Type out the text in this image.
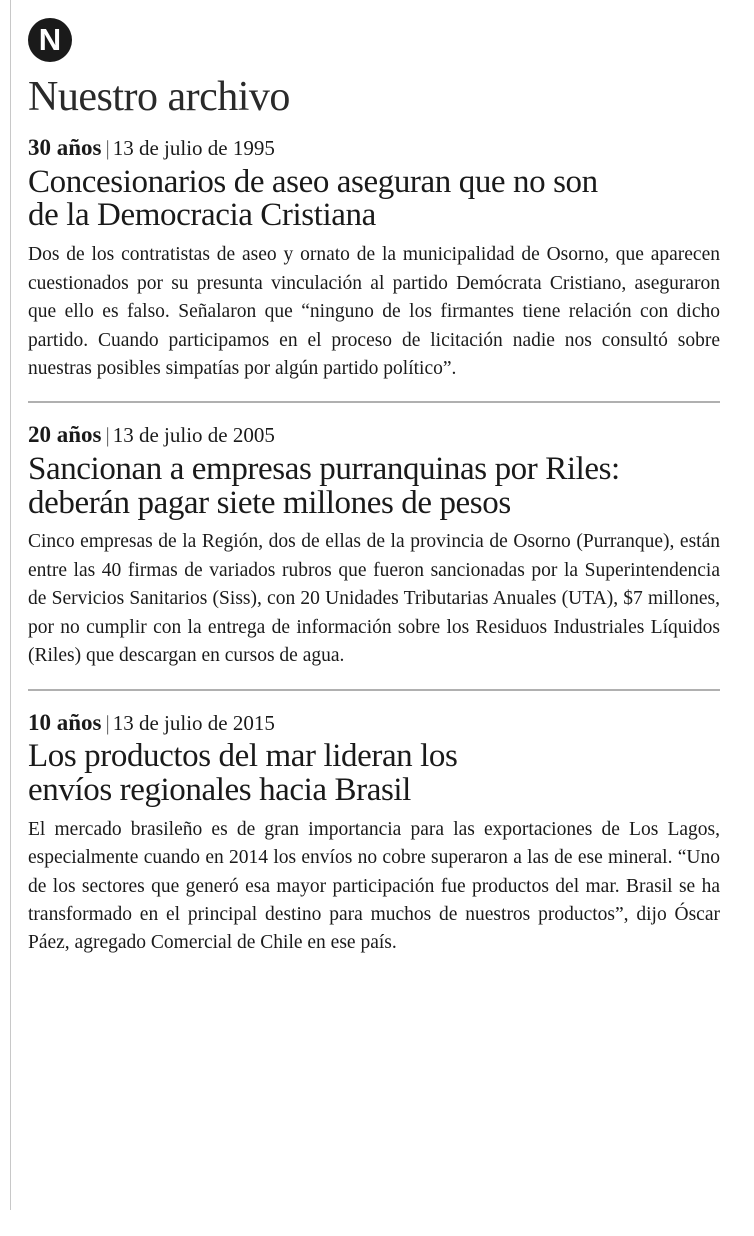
N
Nuestro archivo
30 años | 13 de julio de 1995
Concesionarios de aseo aseguran que no son de la Democracia Cristiana

Dos de los contratistas de aseo y ornato de la municipalidad de Osorno, que aparecen cuestionados por su presunta vinculación al partido Demócrata Cristiano, aseguraron que ello es falso. Señalaron que “ninguno de los firmantes tiene relación con dicho partido. Cuando participamos en el proceso de licitación nadie nos consultó sobre nuestras posibles simpatías por algún partido político”.

20 años | 13 de julio de 2005
Sancionan a empresas purranquinas por Riles: deberán pagar siete millones de pesos

Cinco empresas de la Región, dos de ellas de la provincia de Osorno (Purranque), están entre las 40 firmas de variados rubros que fueron sancionadas por la Superintendencia de Servicios Sanitarios (Siss), con 20 Unidades Tributarias Anuales (UTA), $7 millones, por no cumplir con la entrega de información sobre los Residuos Industriales Líquidos (Riles) que descargan en cursos de agua.

10 años | 13 de julio de 2015
Los productos del mar lideran los envíos regionales hacia Brasil

El mercado brasileño es de gran importancia para las exportaciones de Los Lagos, especialmente cuando en 2014 los envíos no cobre superaron a las de ese mineral. “Uno de los sectores que generó esa mayor participación fue productos del mar. Brasil se ha transformado en el principal destino para muchos de nuestros productos”, dijo Óscar Páez, agregado Comercial de Chile en ese país.
